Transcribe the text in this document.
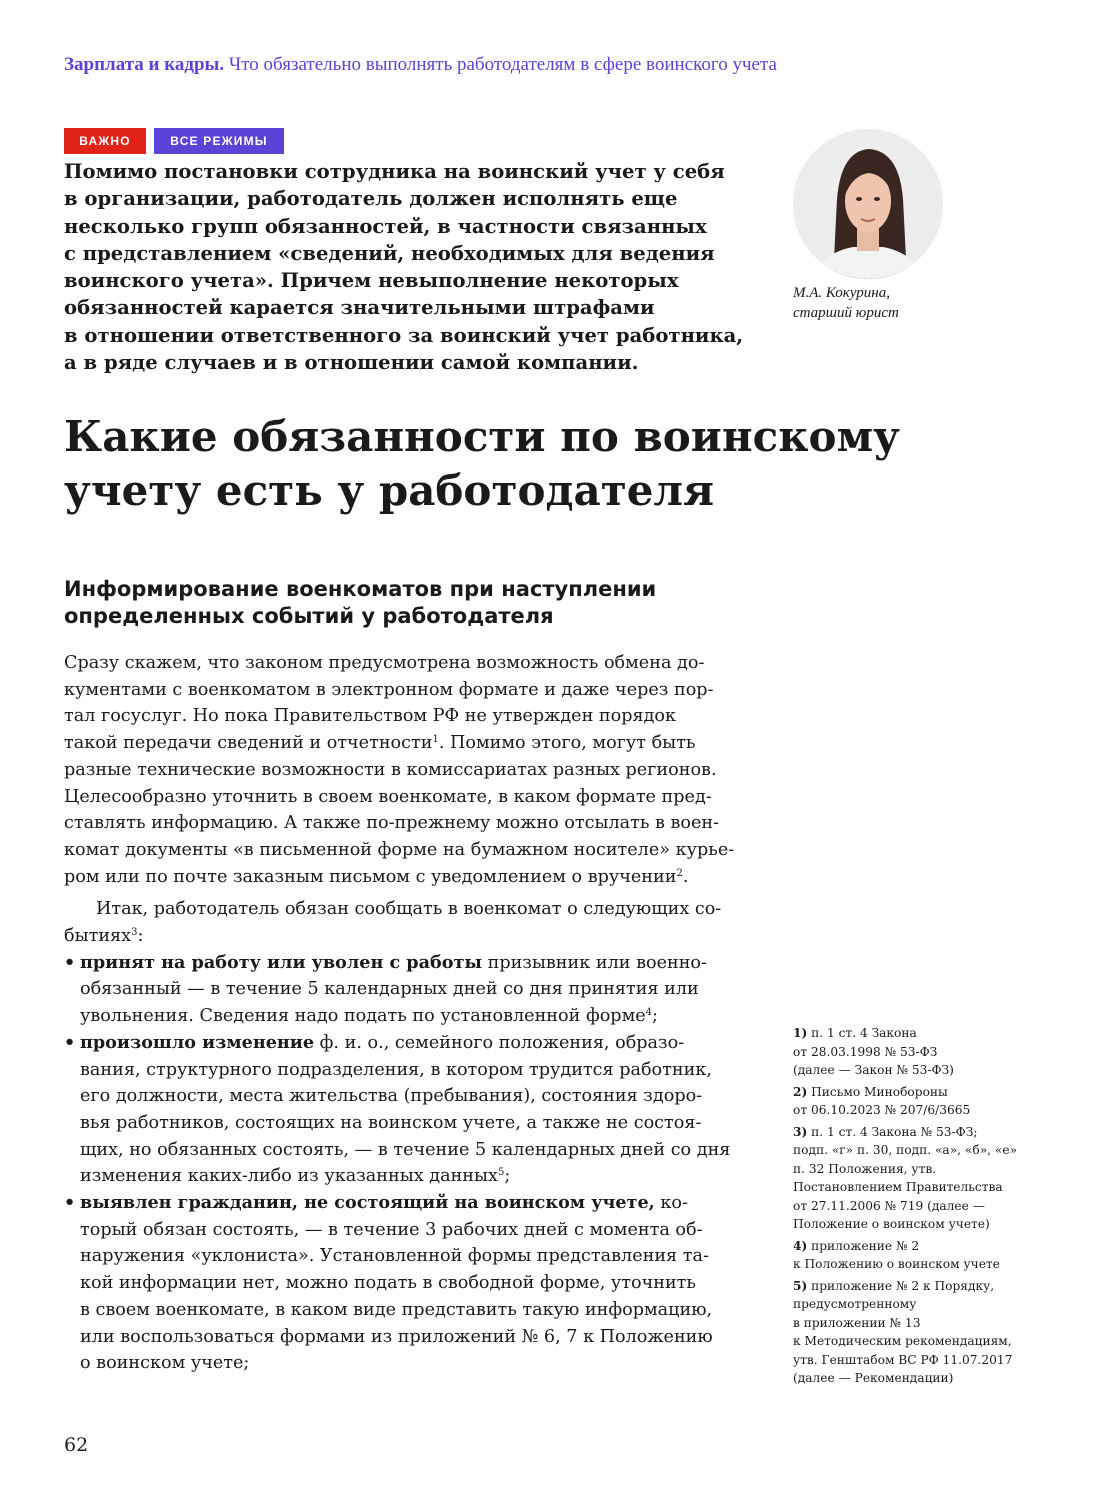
Зарплата и кадры. Что обязательно выполнять работодателям в сфере воинского учета
ВАЖНО	ВСЕ РЕЖИМЫ

Помимо постановки сотрудника на воинский учет у себя
в организации, работодатель должен исполнять еще
несколько групп обязанностей, в частности связанных
с представлением «сведений, необходимых для ведения
воинского учета». Причем невыполнение некоторых
обязанностей карается значительными штрафами
в отношении ответственного за воинский учет работника,
а в ряде случаев и в отношении самой компании.

М.А. Кокурина,
старший юрист
Какие обязанности по воинскому
учету есть у работодателя
Информирование военкоматов при наступлении
определенных событий у работодателя
Сразу скажем, что законом предусмотрена возможность обмена до-
кументами с военкоматом в электронном формате и даже через пор-
тал госуслуг. Но пока Правительством РФ не утвержден порядок
такой передачи сведений и отчетности$^1$. Помимо этого, могут быть
разные технические возможности в комиссариатах разных регионов.
Целесообразно уточнить в своем военкомате, в каком формате пред-
ставлять информацию. А также по-прежнему можно отсылать в воен-
комат документы «в письменной форме на бумажном носителе» курье-
ром или по почте заказным письмом с уведомлением о вручении$^2$.
Итак, работодатель обязан сообщать в военкомат о следующих со-
бытиях$^3$:
• принят на работу или уволен с работы призывник или военно-
обязанный — в течение 5 календарных дней со дня принятия или
увольнения. Сведения надо подать по установленной форме$^4$;
• произошло изменение ф. и. о., семейного положения, образо-
вания, структурного подразделения, в котором трудится работник,
его должности, места жительства (пребывания), состояния здоро-
вья работников, состоящих на воинском учете, а также не состоя-
щих, но обязанных состоять, — в течение 5 календарных дней со дня
изменения каких-либо из указанных данных$^5$;
• выявлен гражданин, не состоящий на воинском учете, ко-
торый обязан состоять, — в течение 3 рабочих дней с момента об-
наружения «уклониста». Установленной формы представления та-
кой информации нет, можно подать в свободной форме, уточнить
в своем военкомате, в каком виде представить такую информацию,
или воспользоваться формами из приложений № 6, 7 к Положению
о воинском учете;
1) п. 1 ст. 4 Закона
от 28.03.1998 № 53-ФЗ
(далее — Закон № 53-ФЗ)
2) Письмо Минобороны
от 06.10.2023 № 207/6/3665
3) п. 1 ст. 4 Закона № 53-ФЗ;
подп. «г» п. 30, подп. «а», «б», «е»
п. 32 Положения, утв.
Постановлением Правительства
от 27.11.2006 № 719 (далее —
Положение о воинском учете)
4) приложение № 2
к Положению о воинском учете
5) приложение № 2 к Порядку,
предусмотренному
в приложении № 13
к Методическим рекомендациям,
утв. Генштабом ВС РФ 11.07.2017
(далее — Рекомендации)
62
